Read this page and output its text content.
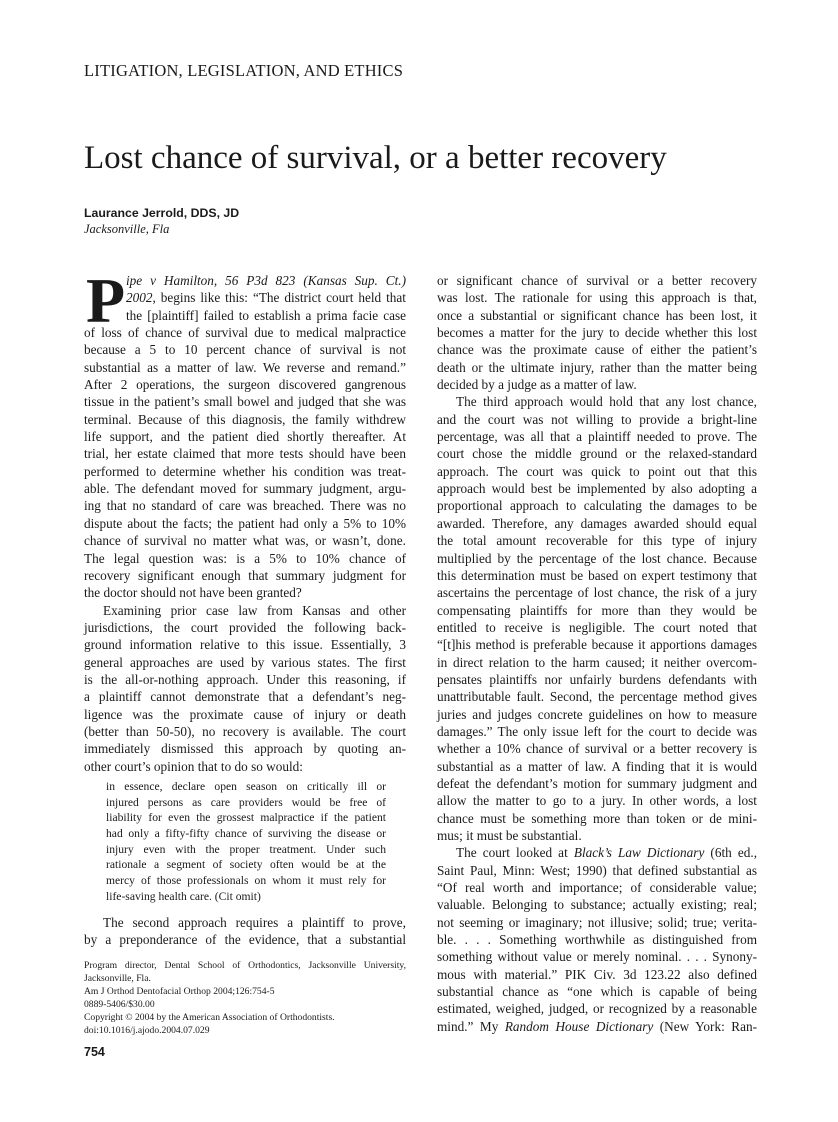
LITIGATION, LEGISLATION, AND ETHICS
Lost chance of survival, or a better recovery
Laurance Jerrold, DDS, JD
Jacksonville, Fla
P ipe v Hamilton, 56 P3d 823 (Kansas Sup. Ct.)
2002, begins like this: “The district court held that
the [plaintiff] failed to establish a prima facie case
of loss of chance of survival due to medical malpractice
because a 5 to 10 percent chance of survival is not
substantial as a matter of law. We reverse and remand.”
After 2 operations, the surgeon discovered gangrenous
tissue in the patient’s small bowel and judged that she was
terminal. Because of this diagnosis, the family withdrew
life support, and the patient died shortly thereafter. At
trial, her estate claimed that more tests should have been
performed to determine whether his condition was treat-
able. The defendant moved for summary judgment, argu-
ing that no standard of care was breached. There was no
dispute about the facts; the patient had only a 5% to 10%
chance of survival no matter what was, or wasn’t, done.
The legal question was: is a 5% to 10% chance of
recovery significant enough that summary judgment for
the doctor should not have been granted?
Examining prior case law from Kansas and other
jurisdictions, the court provided the following back-
ground information relative to this issue. Essentially, 3
general approaches are used by various states. The first
is the all-or-nothing approach. Under this reasoning, if
a plaintiff cannot demonstrate that a defendant’s neg-
ligence was the proximate cause of injury or death
(better than 50-50), no recovery is available. The court
immediately dismissed this approach by quoting an-
other court’s opinion that to do so would:
in essence, declare open season on critically ill or
injured persons as care providers would be free of
liability for even the grossest malpractice if the patient
had only a fifty-fifty chance of surviving the disease or
injury even with the proper treatment. Under such
rationale a segment of society often would be at the
mercy of those professionals on whom it must rely for
life-saving health care. (Cit omit)
The second approach requires a plaintiff to prove,
by a preponderance of the evidence, that a substantial
Program director, Dental School of Orthodontics, Jacksonville University,
Jacksonville, Fla.
Am J Orthod Dentofacial Orthop 2004;126:754-5
0889-5406/$30.00
Copyright © 2004 by the American Association of Orthodontists.
doi:10.1016/j.ajodo.2004.07.029
754
or significant chance of survival or a better recovery
was lost. The rationale for using this approach is that,
once a substantial or significant chance has been lost, it
becomes a matter for the jury to decide whether this lost
chance was the proximate cause of either the patient’s
death or the ultimate injury, rather than the matter being
decided by a judge as a matter of law.
The third approach would hold that any lost chance,
and the court was not willing to provide a bright-line
percentage, was all that a plaintiff needed to prove. The
court chose the middle ground or the relaxed-standard
approach. The court was quick to point out that this
approach would best be implemented by also adopting a
proportional approach to calculating the damages to be
awarded. Therefore, any damages awarded should equal
the total amount recoverable for this type of injury
multiplied by the percentage of the lost chance. Because
this determination must be based on expert testimony that
ascertains the percentage of lost chance, the risk of a jury
compensating plaintiffs for more than they would be
entitled to receive is negligible. The court noted that
“[t]his method is preferable because it apportions damages
in direct relation to the harm caused; it neither overcom-
pensates plaintiffs nor unfairly burdens defendants with
unattributable fault. Second, the percentage method gives
juries and judges concrete guidelines on how to measure
damages.” The only issue left for the court to decide was
whether a 10% chance of survival or a better recovery is
substantial as a matter of law. A finding that it is would
defeat the defendant’s motion for summary judgment and
allow the matter to go to a jury. In other words, a lost
chance must be something more than token or de mini-
mus; it must be substantial.
The court looked at Black’s Law Dictionary (6th ed.,
Saint Paul, Minn: West; 1990) that defined substantial as
“Of real worth and importance; of considerable value;
valuable. Belonging to substance; actually existing; real;
not seeming or imaginary; not illusive; solid; true; verita-
ble. . . . Something worthwhile as distinguished from
something without value or merely nominal. . . . Synony-
mous with material.” PIK Civ. 3d 123.22 also defined
substantial chance as “one which is capable of being
estimated, weighed, judged, or recognized by a reasonable
mind.” My Random House Dictionary (New York: Ran-
